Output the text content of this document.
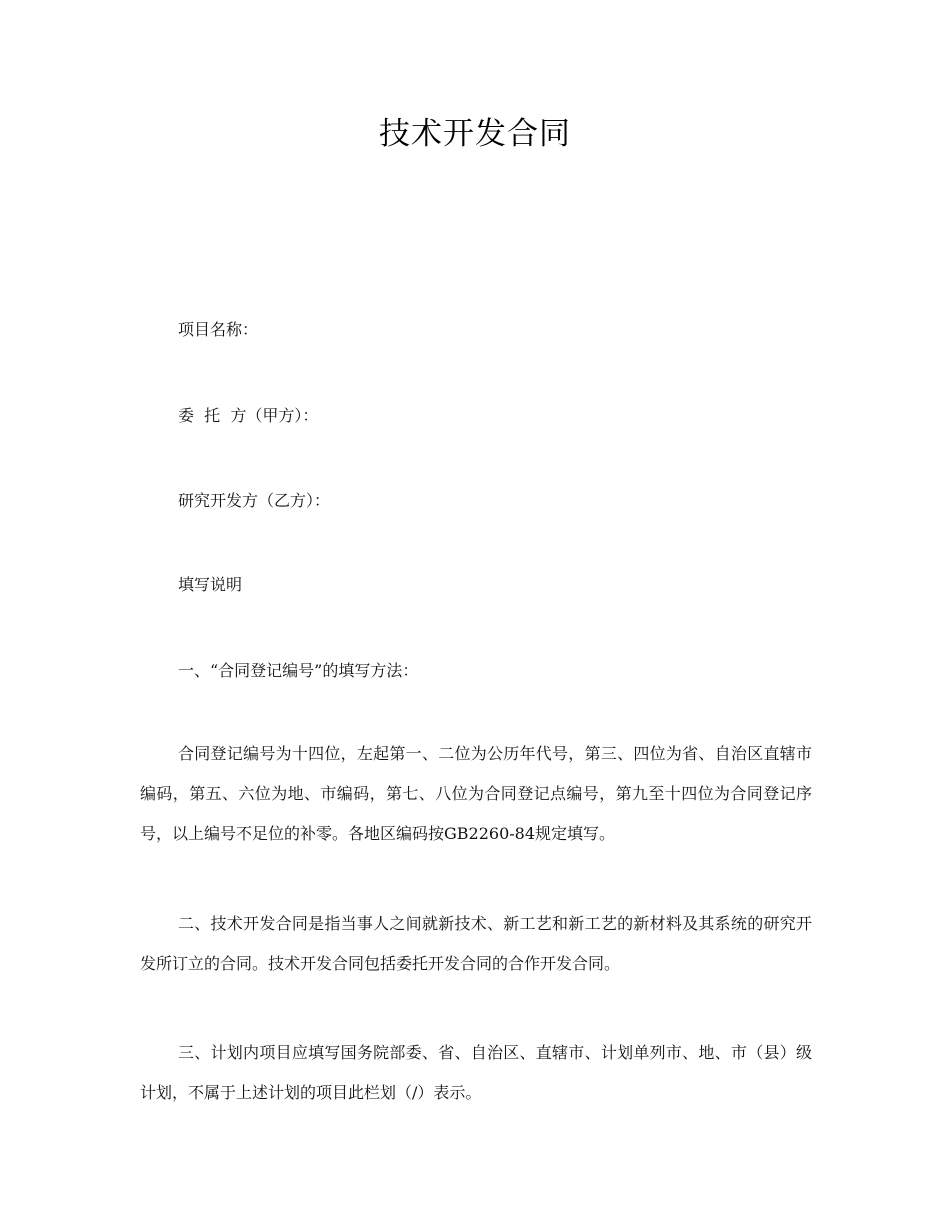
技术开发合同
项目名称：
委  托  方（甲方）：
研究开发方（乙方）：
填写说明
一、“合同登记编号”的填写方法：
合同登记编号为十四位，左起第一、二位为公历年代号，第三、四位为省、自治区直辖市编码，第五、六位为地、市编码，第七、八位为合同登记点编号，第九至十四位为合同登记序号，以上编号不足位的补零。各地区编码按GB2260-84规定填写。
二、技术开发合同是指当事人之间就新技术、新工艺和新工艺的新材料及其系统的研究开发所订立的合同。技术开发合同包括委托开发合同的合作开发合同。
三、计划内项目应填写国务院部委、省、自治区、直辖市、计划单列市、地、市（县）级计划，不属于上述计划的项目此栏划（/）表示。
